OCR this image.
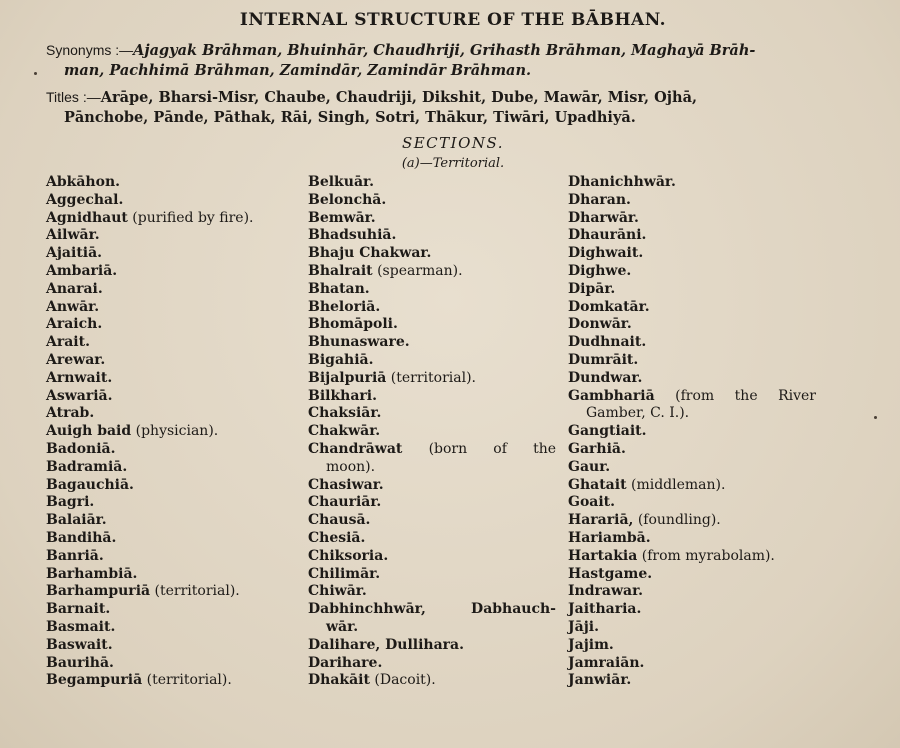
INTERNAL STRUCTURE OF THE BĀBHAN.
Synonyms :—Ajagyak Brāhman, Bhuinhār, Chaudhriji, Grihasth Brāhman, Maghayā Brāh-
man, Pachhimā Brāhman, Zamindār, Zamindār Brāhman.
Titles :—Arāpe, Bharsi-Misr, Chaube, Chaudriji, Dikshit, Dube, Mawār, Misr, Ojhā,
Pānchobe, Pānde, Pāthak, Rāi, Singh, Sotri, Thākur, Tiwāri, Upadhiyā.
SECTIONS.
(a)—Territorial.
Abkāhon.
Aggechal.
Agnidhaut (purified by fire).
Ailwār.
Ajaitiā.
Ambariā.
Anarai.
Anwār.
Araich.
Arait.
Arewar.
Arnwait.
Aswariā.
Atrab.
Auigh baid (physician).
Badoniā.
Badramiā.
Bagauchiā.
Bagri.
Balaiār.
Bandihā.
Banriā.
Barhambiā.
Barhampuriā (territorial).
Barnait.
Basmait.
Baswait.
Baurihā.
Begampuriā (territorial).
Belkuār.
Belonchā.
Bemwār.
Bhadsuhiā.
Bhaju Chakwar.
Bhalrait (spearman).
Bhatan.
Bheloriā.
Bhomāpoli.
Bhunasware.
Bigahiā.
Bijalpuriā (territorial).
Bilkhari.
Chaksiār.
Chakwār.
Chandrāwat (born of the
moon).
Chasiwar.
Chauriār.
Chausā.
Chesiā.
Chiksoria.
Chilimār.
Chiwār.
Dabhinchhwār,	Dabhauch-
wār.
Dalihare, Dullihara.
Darihare.
Dhakāit (Dacoit).
Dhanichhwār.
Dharan.
Dharwār.
Dhaurāni.
Dighwait.
Dighwe.
Dipār.
Domkatār.
Donwār.
Dudhnait.
Dumrāit.
Dundwar.
Gambhariā (from the River
Gamber, C. I.).
Gangtiait.
Garhiā.
Gaur.
Ghatait (middleman).
Goait.
Harariā, (foundling).
Hariambā.
Hartakia (from myrabolam).
Hastgame.
Indrawar.
Jaitharia.
Jāji.
Jajim.
Jamraiān.
Janwiār.
